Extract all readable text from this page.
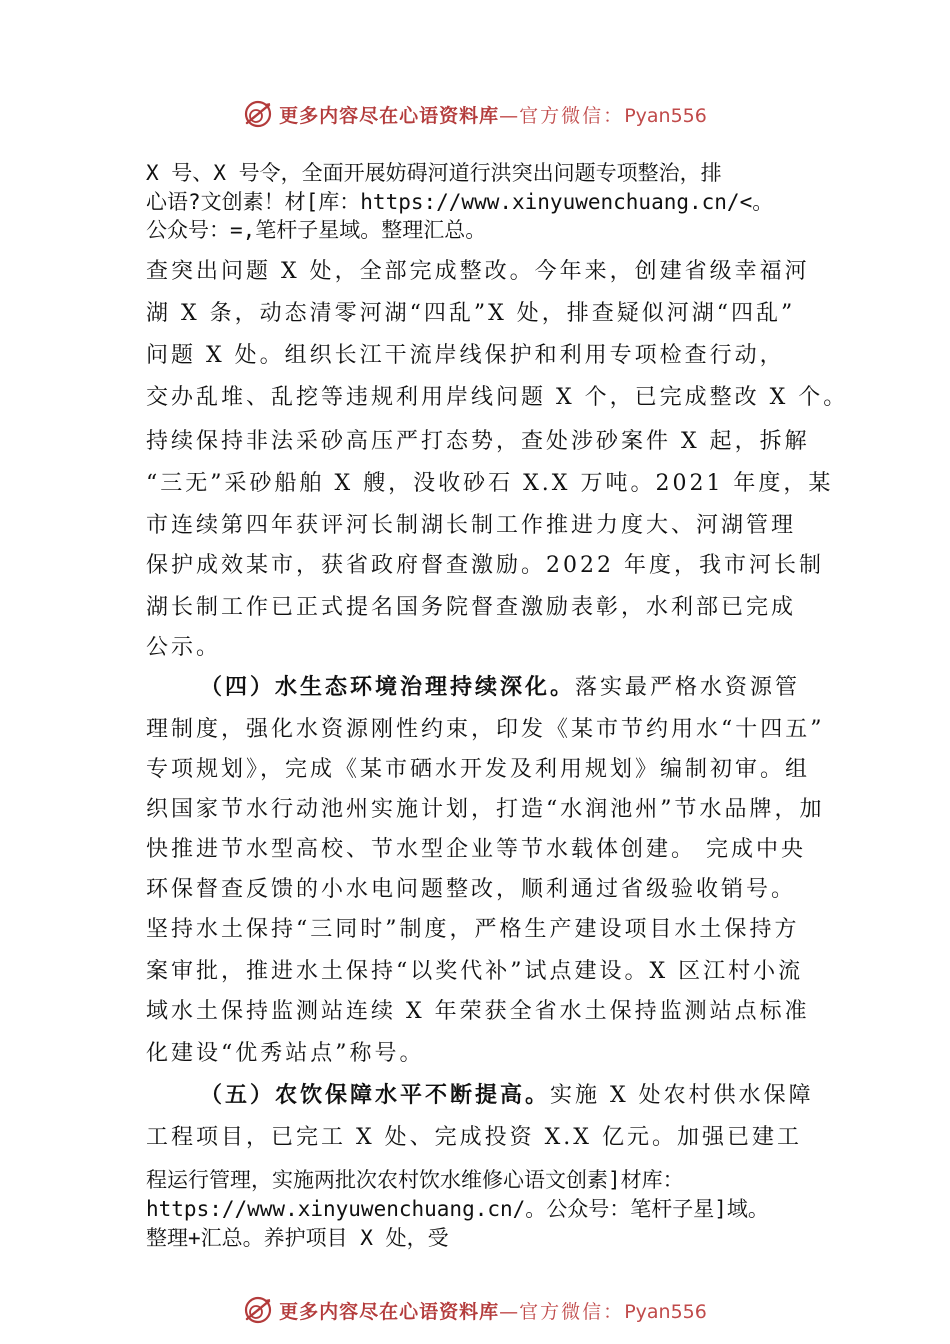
更多内容尽在心语资料库—官方微信：Pyan556
X 号、X 号令，全面开展妨碍河道行洪突出问题专项整治，排
心语?文创素！材[库：https://www.xinyuwenchuang.cn/<。
公众号：=,笔杆子星域。整理汇总。
查突出问题 X 处，全部完成整改。今年来，创建省级幸福河
湖 X 条，动态清零河湖“四乱”X 处，排查疑似河湖“四乱”
问题 X 处。组织长江干流岸线保护和利用专项检查行动，
交办乱堆、乱挖等违规利用岸线问题 X 个，已完成整改 X 个。
持续保持非法采砂高压严打态势，查处涉砂案件 X 起，拆解
“三无”采砂船舶 X 艘，没收砂石 X.X 万吨。2021 年度，某
市连续第四年获评河长制湖长制工作推进力度大、河湖管理
保护成效某市，获省政府督查激励。2022 年度，我市河长制
湖长制工作已正式提名国务院督查激励表彰，水利部已完成
公示。
（四）水生态环境治理持续深化。落实最严格水资源管
理制度，强化水资源刚性约束，印发《某市节约用水“十四五”
专项规划》，完成《某市硒水开发及利用规划》编制初审。组
织国家节水行动池州实施计划，打造“水润池州”节水品牌，加
快推进节水型高校、节水型企业等节水载体创建。 完成中央
环保督查反馈的小水电问题整改，顺利通过省级验收销号。
坚持水土保持“三同时”制度，严格生产建设项目水土保持方
案审批，推进水土保持“以奖代补”试点建设。X 区江村小流
域水土保持监测站连续 X 年荣获全省水土保持监测站点标准
化建设“优秀站点”称号。
（五）农饮保障水平不断提高。实施 X 处农村供水保障
工程项目，已完工 X 处、完成投资 X.X 亿元。加强已建工
程运行管理，实施两批次农村饮水维修心语文创素]材库：
https://www.xinyuwenchuang.cn/。公众号：笔杆子星]域。
整理+汇总。养护项目 X 处，受
更多内容尽在心语资料库—官方微信：Pyan556
